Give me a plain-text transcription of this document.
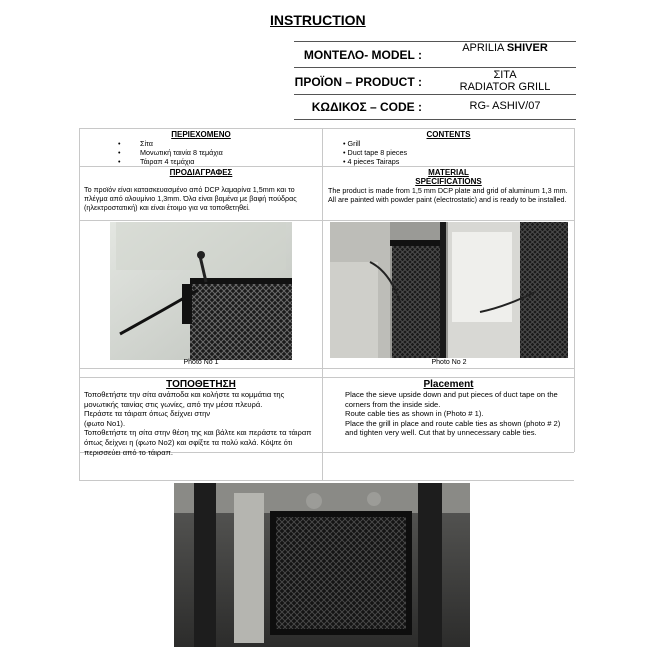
INSTRUCTION
ΜΟΝΤΕΛΟ- MODEL :	APRILIA SHIVER
ΠΡΟΪΟΝ – PRODUCT :	ΣΙΤΑ
RADIATOR GRILL
ΚΩΔΙΚΟΣ – CODE :	RG- ASHIV/07
ΠΕΡΙΕΧΟΜΕΝΟ
•	Σίτα
•	Μονωτική ταινία 8 τεμάχια
•	Τάιραπ 4 τεμάχια
CONTENTS
• Grill
• Duct tape 8 pieces
• 4 pieces Tairaps
ΠΡΟΔΙΑΓΡΑΦΕΣ
Το προϊόν είναι κατασκευασμένο από DCP λαμαρίνα 1,5mm και το πλέγμα από αλουμίνιο 1,3mm. Όλα είναι βαμένα με βαφή πούδρας (ηλεκτροστατική) και είναι έτοιμο για να τοποθετηθεί.
MATERIAL
SPECIFICATIONS
The product is made from 1,5 mm DCP plate and grid of aluminum 1,3 mm. All are painted with powder paint (electrostatic) and is ready to be installed.
Photo No 1	Photo No 2
ΤΟΠΟΘΕΤΗΣΗ
Τοποθετήστε την σίτα ανάποδα και κολήστε τα κομμάτια της
μονωτικής ταινίας στις γωνίες, από την μέσα πλευρά.
Περάστε τα τάιραπ όπως δείχνει στην
(φωτο Νο1).
Τοποθετήστε τη σίτα στην θέση της και βάλτε και περάστε τα τάιραπ
όπως δείχνει η (φωτο Νο2) και σφίξτε τα πολύ καλά. Κόψτε ότι
περισσεύει από το τάιραπ.
Placement
Place the sieve upside down and put pieces of duct tape on the
corners from the inside side.
Route cable ties as shown in (Photo # 1).
Place the grill in place and route cable ties as shown (photo # 2)
and tighten very well. Cut that by unnecessary cable ties.
